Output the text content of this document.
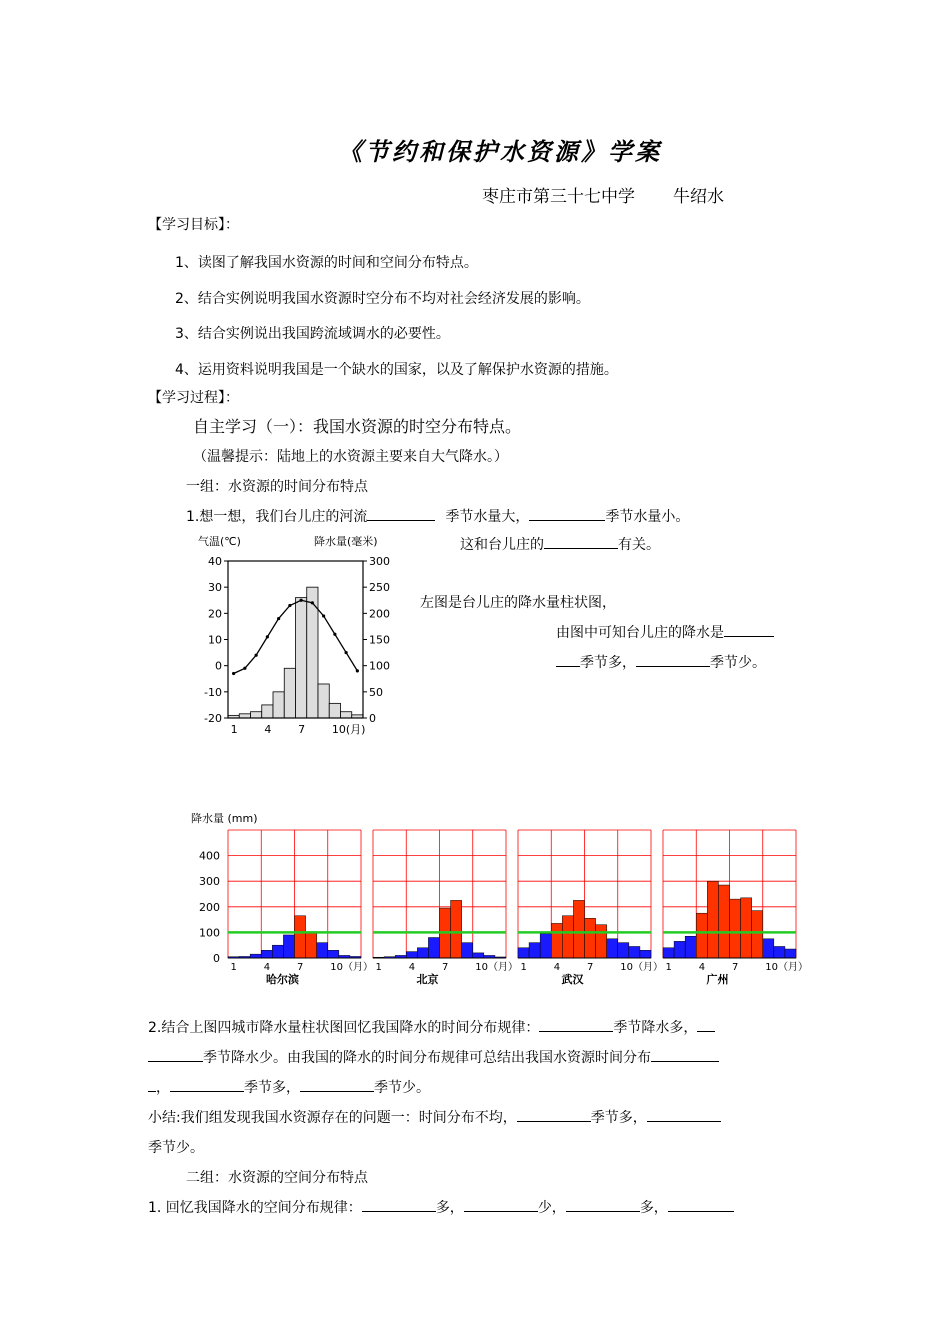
《节约和保护水资源》学案
枣庄市第三十七中学 牛绍水
【学习目标】：
1、读图了解我国水资源的时间和空间分布特点。
2、结合实例说明我国水资源时空分布不均对社会经济发展的影响。
3、结合实例说出我国跨流域调水的必要性。
4、运用资料说明我国是一个缺水的国家，以及了解保护水资源的措施。
【学习过程】：
自主学习（一）：我国水资源的时空分布特点。
（温馨提示：陆地上的水资源主要来自大气降水。）
一组：水资源的时间分布特点
1.想一想，我们台儿庄的河流	季节水量大，	季节水量小。
这和台儿庄的	有关。
左图是台儿庄的降水量柱状图，
由图中可知台儿庄的降水是
季节多，	季节少。
气温(℃)	降水量(毫米)
40
30
20
10
0
-10
-20
300
250
200
150
100
50
0
1 4 7 10(月)
降水量 (mm)
400
300
200
100
0
1	4	7	10（月）
哈尔滨
1	4	7	10（月）
北京
1	4	7	10（月）
武汉
1	4	7	10（月）
广州
2.结合上图四城市降水量柱状图回忆我国降水的时间分布规律：	季节降水多，
季节降水少。由我国的降水的时间分布规律可总结出我国水资源时间分布
，	季节多，	季节少。
小结:我们组发现我国水资源存在的问题一：时间分布不均，	季节多，
季节少。
二组：水资源的空间分布特点
1. 回忆我国降水的空间分布规律：	多，	少，	多，
